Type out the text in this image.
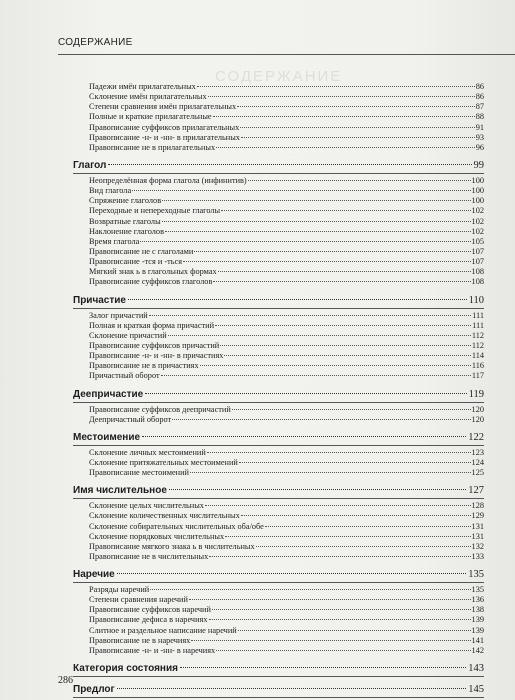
СОДЕРЖАНИЕ
СОДЕРЖАНИЕ
Падежи имён прилагательных	86
Склонение имён прилагательных	86
Степени сравнения имён прилагательных	87
Полные и краткие прилагательные	88
Правописание суффиксов прилагательных	91
Правописание -н- и -нн- в прилагательных	93
Правописание не в прилагательных	96
Глагол	99
Неопределённая форма глагола (инфинитив)	100
Вид глагола	100
Спряжение глаголов	100
Переходные и непереходные глаголы	102
Возвратные глаголы	102
Наклонение глаголов	102
Время глагола	105
Правописание не с глаголами	107
Правописание -тся и -ться	107
Мягкий знак ь в глагольных формах	108
Правописание суффиксов глаголов	108
Причастие	110
Залог причастий	111
Полная и краткая форма причастий	111
Склонение причастий	112
Правописание суффиксов причастий	112
Правописание -н- и -нн- в причастиях	114
Правописание не в причастиях	116
Причастный оборот	117
Деепричастие	119
Правописание суффиксов деепричастий	120
Деепричастный оборот	120
Местоимение	122
Склонение личных местоимений	123
Склонение притяжательных местоимений	124
Правописание местоимений	125
Имя числительное	127
Склонение целых числительных	128
Склонение количественных числительных	129
Склонение собирательных числительных оба/обе	131
Склонение порядковых числительных	131
Правописание мягкого знака ь в числительных	132
Правописание не в числительных	133
Наречие	135
Разряды наречий	135
Степени сравнения наречий	136
Правописание суффиксов наречий	138
Правописание дефиса в наречиях	139
Слитное и раздельное написание наречий	139
Правописание не в наречиях	141
Правописание -н- и -нн- в наречиях	142
Категория состояния	143
Предлог	145
286
